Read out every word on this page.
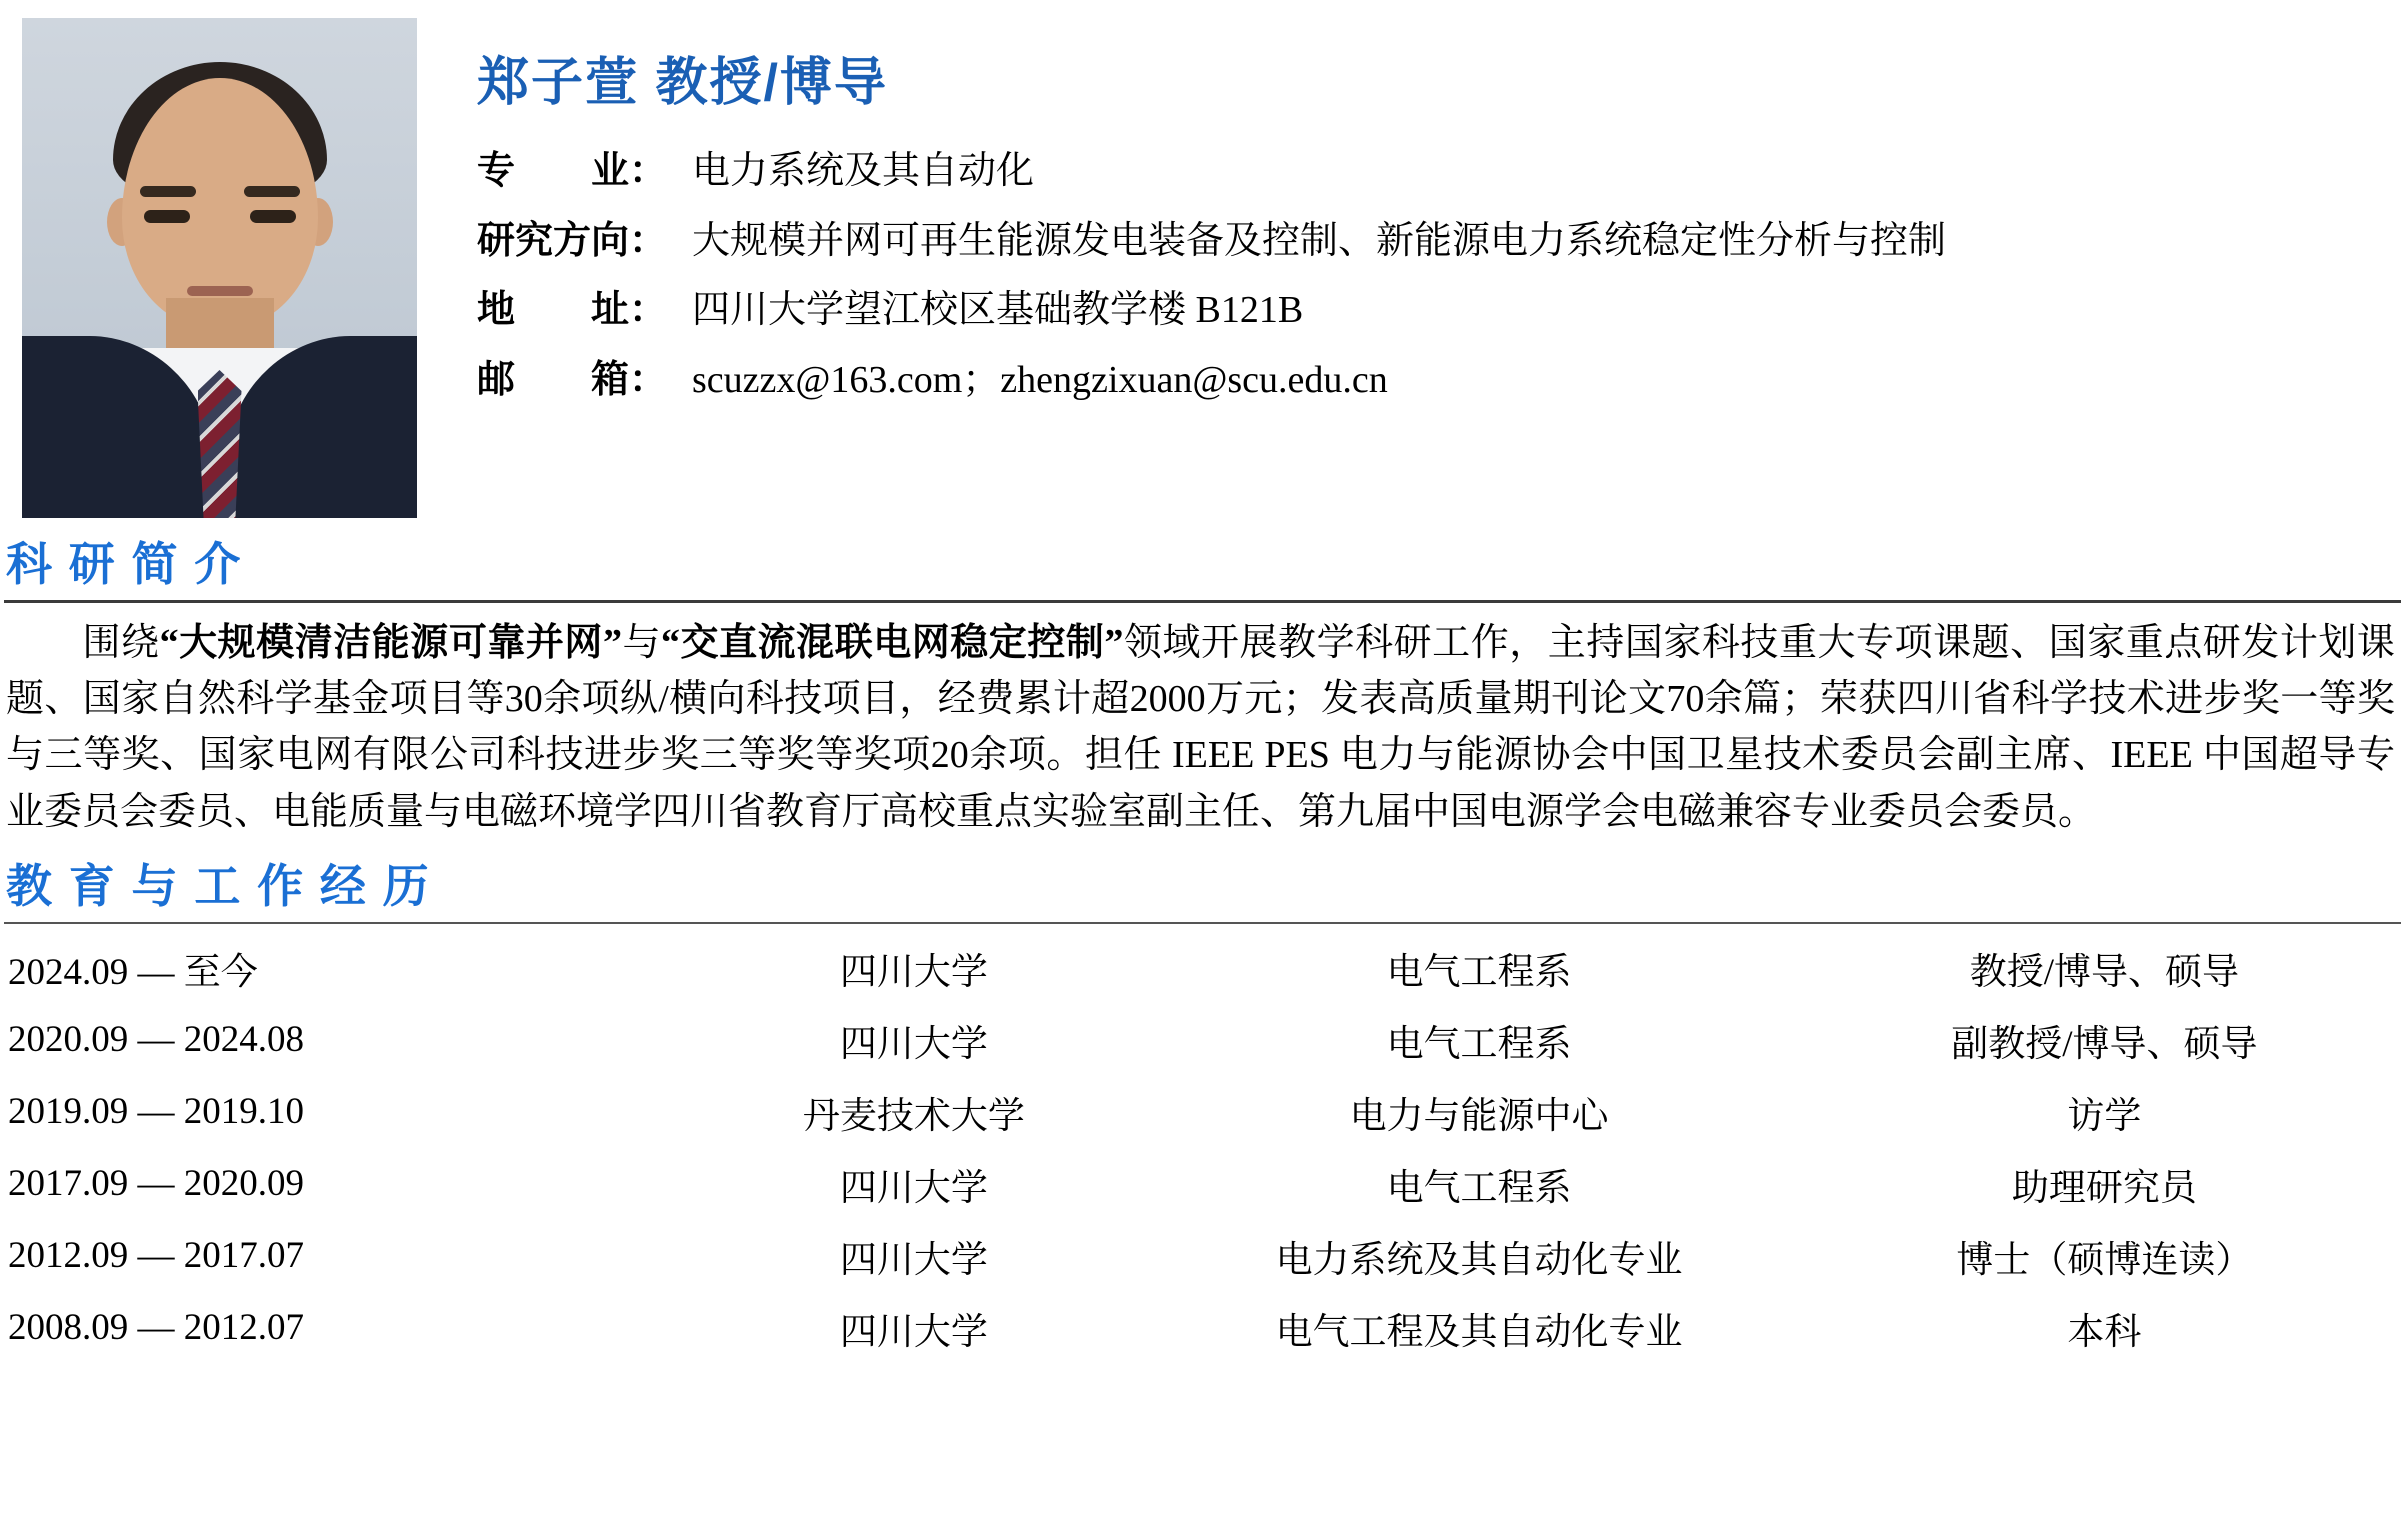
郑子萱 教授/博导
专　　业： 电力系统及其自动化
研究方向： 大规模并网可再生能源发电装备及控制、新能源电力系统稳定性分析与控制
地　　址： 四川大学望江校区基础教学楼 B121B
邮　　箱： scuzzx@163.com；zhengzixuan@scu.edu.cn
科 研 简 介
围绕“大规模清洁能源可靠并网”与“交直流混联电网稳定控制”领域开展教学科研工作，主持国家科技重大专项课题、国家重点研发计划课题、国家自然科学基金项目等30余项纵/横向科技项目，经费累计超2000万元；发表高质量期刊论文70余篇；荣获四川省科学技术进步奖一等奖与三等奖、国家电网有限公司科技进步奖三等奖等奖项20余项。担任 IEEE PES 电力与能源协会中国卫星技术委员会副主席、IEEE 中国超导专业委员会委员、电能质量与电磁环境学四川省教育厅高校重点实验室副主任、第九届中国电源学会电磁兼容专业委员会委员。
教 育 与 工 作 经 历
2024.09 — 至今	四川大学	电气工程系	教授/博导、硕导
2020.09 — 2024.08	四川大学	电气工程系	副教授/博导、硕导
2019.09 — 2019.10	丹麦技术大学	电力与能源中心	访学
2017.09 — 2020.09	四川大学	电气工程系	助理研究员
2012.09 — 2017.07	四川大学	电力系统及其自动化专业	博士（硕博连读）
2008.09 — 2012.07	四川大学	电气工程及其自动化专业	本科
